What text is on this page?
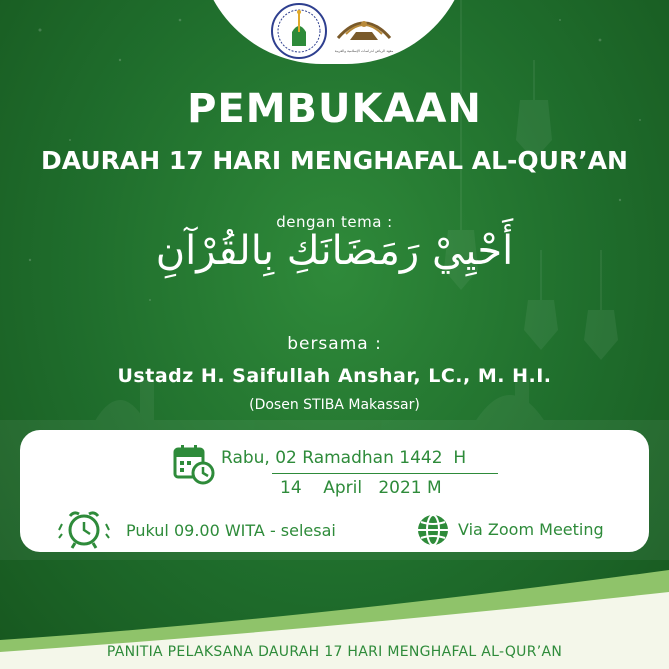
معهد الرياض لدراسات الإسلامية والعربية
PEMBUKAAN
DAURAH 17 HARI MENGHAFAL AL-QUR’AN
dengan tema :
أَحْيِيْ رَمَضَانَكِ بِالقُرْآنِ
bersama :
Ustadz H. Saifullah Anshar, LC., M. H.I.
(Dosen STIBA Makassar)
Rabu, 02 Ramadhan 1442  H
14    April   2021 M
Pukul 09.00 WITA - selesai	Via Zoom Meeting
PANITIA PELAKSANA DAURAH 17 HARI MENGHAFAL AL-QUR’AN
